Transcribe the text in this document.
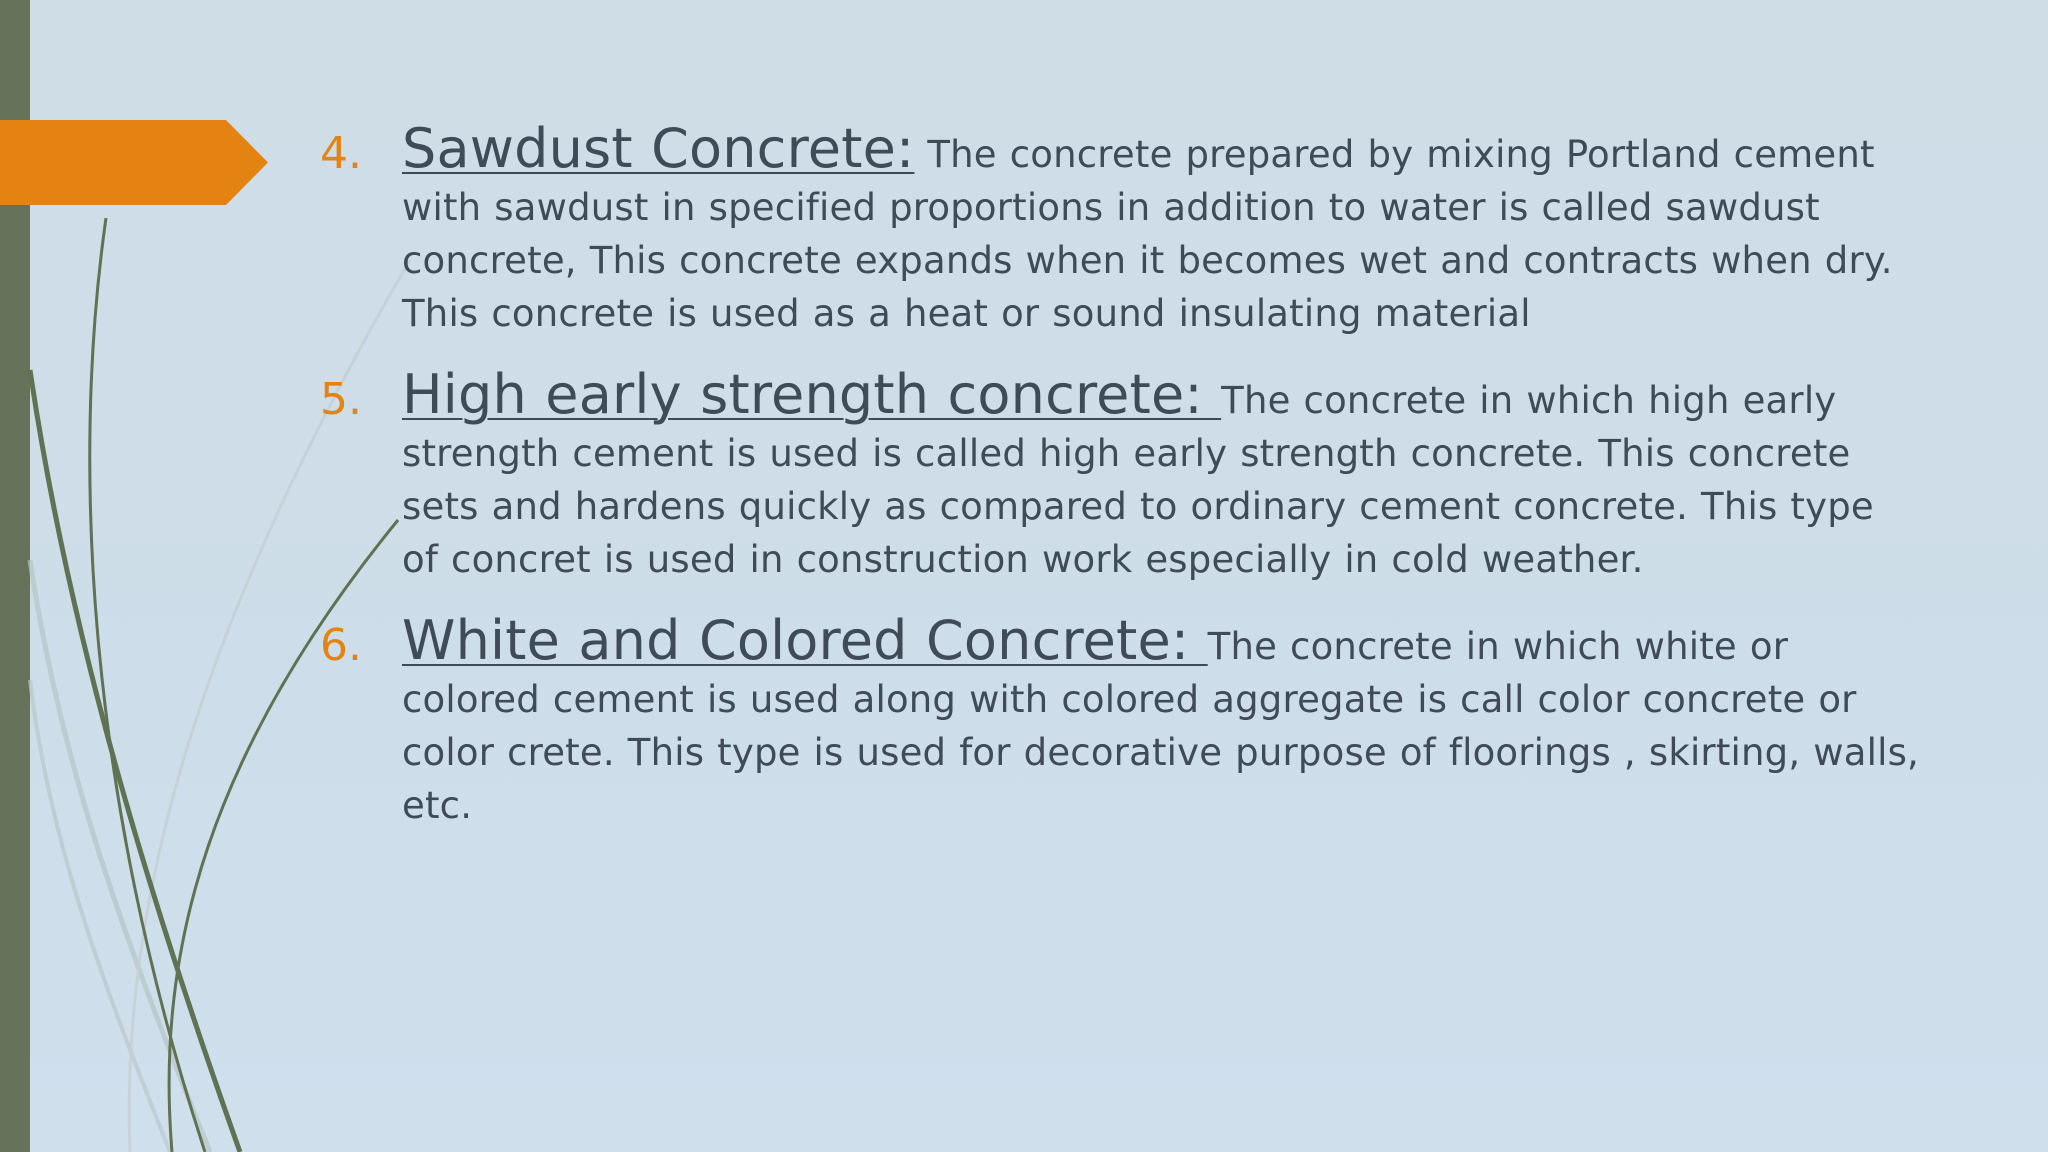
4. Sawdust Concrete: The concrete prepared by mixing Portland cement with sawdust in specified proportions in addition to water is called sawdust concrete, This concrete expands when it becomes wet and contracts when dry. This concrete is used as a heat or sound insulating material

5. High early strength concrete: The concrete in which high early strength cement is used is called high early strength concrete. This concrete sets and hardens quickly as compared to ordinary cement concrete. This type of concret is used in construction work especially in cold weather.

6. White and Colored Concrete: The concrete in which white or colored cement is used along with colored aggregate is call color concrete or color crete. This type is used for decorative purpose of floorings , skirting, walls, etc.
